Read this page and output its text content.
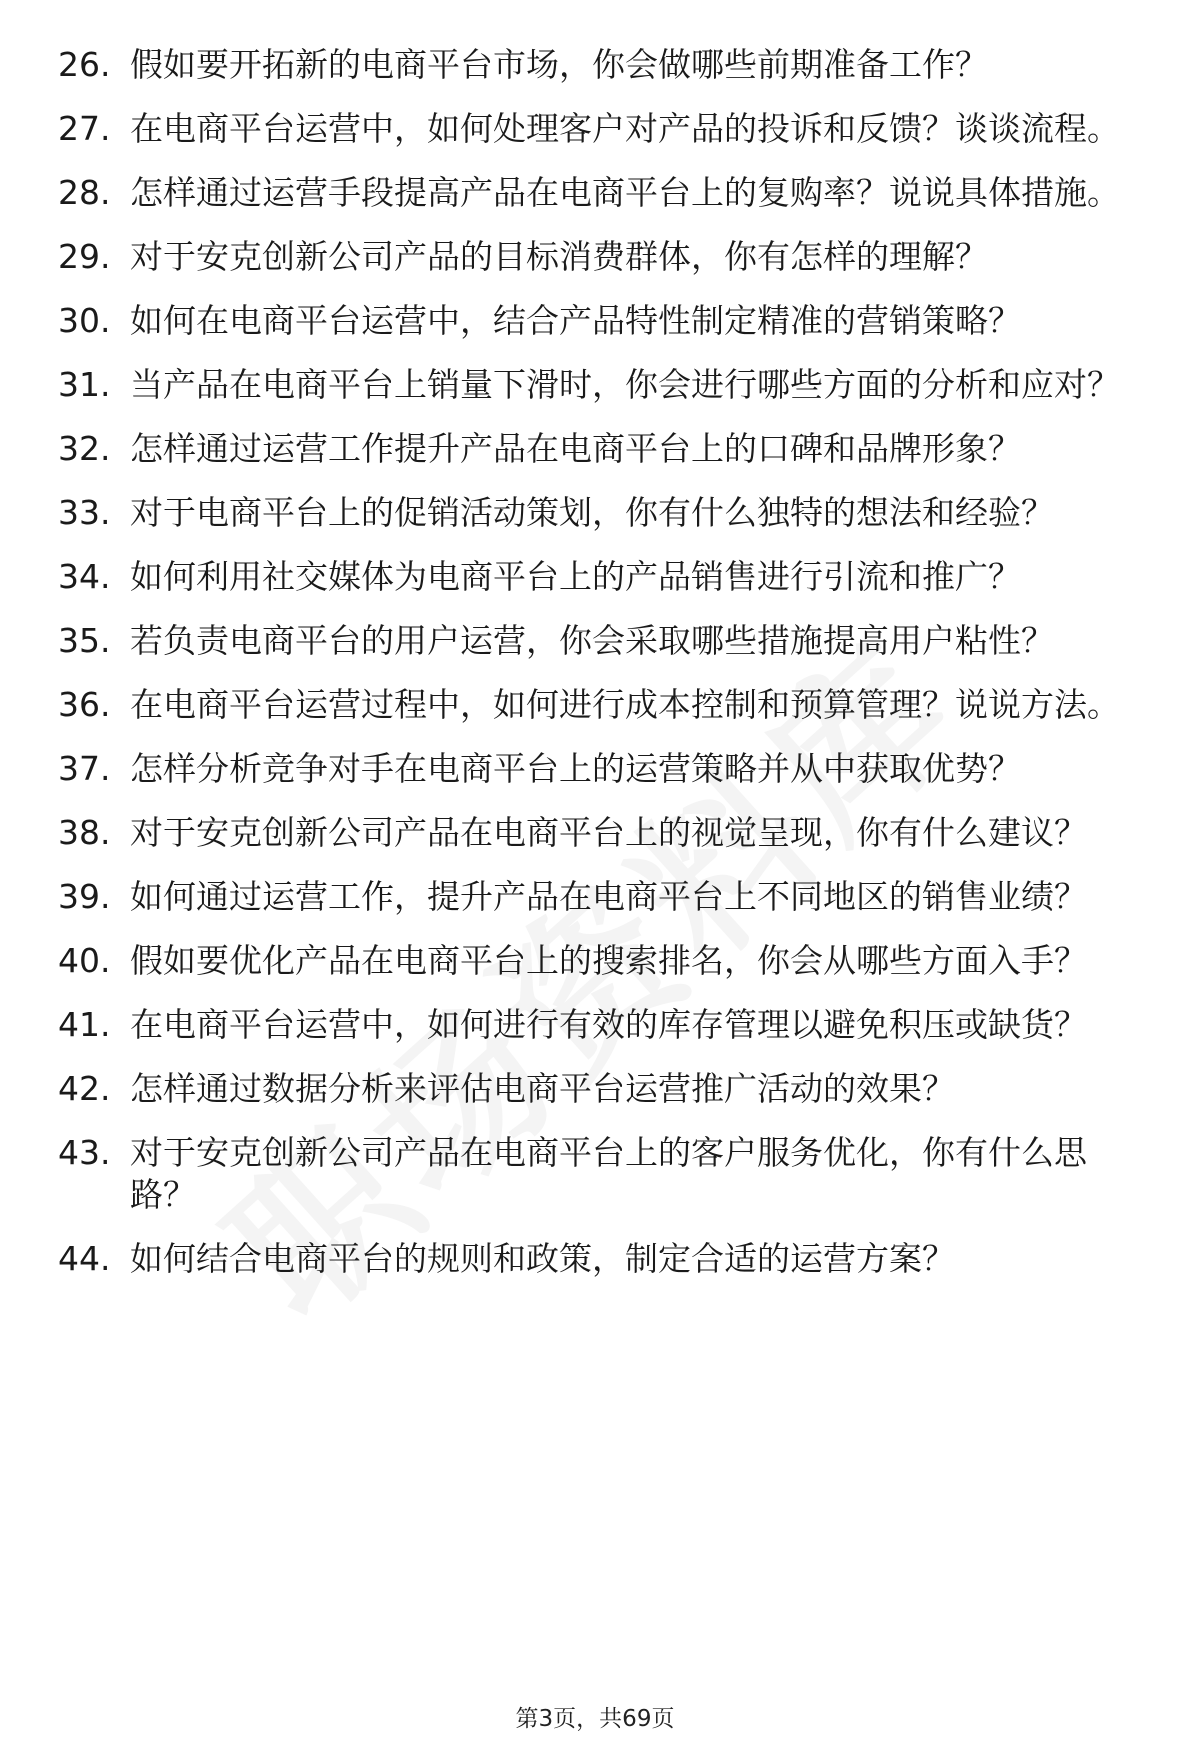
26. 假如要开拓新的电商平台市场，你会做哪些前期准备工作？
27. 在电商平台运营中，如何处理客户对产品的投诉和反馈？谈谈流程。
28. 怎样通过运营手段提高产品在电商平台上的复购率？说说具体措施。
29. 对于安克创新公司产品的目标消费群体，你有怎样的理解？
30. 如何在电商平台运营中，结合产品特性制定精准的营销策略？
31. 当产品在电商平台上销量下滑时，你会进行哪些方面的分析和应对？
32. 怎样通过运营工作提升产品在电商平台上的口碑和品牌形象？
33. 对于电商平台上的促销活动策划，你有什么独特的想法和经验？
34. 如何利用社交媒体为电商平台上的产品销售进行引流和推广？
35. 若负责电商平台的用户运营，你会采取哪些措施提高用户粘性？
36. 在电商平台运营过程中，如何进行成本控制和预算管理？说说方法。
37. 怎样分析竞争对手在电商平台上的运营策略并从中获取优势？
38. 对于安克创新公司产品在电商平台上的视觉呈现，你有什么建议？
39. 如何通过运营工作，提升产品在电商平台上不同地区的销售业绩？
40. 假如要优化产品在电商平台上的搜索排名，你会从哪些方面入手？
41. 在电商平台运营中，如何进行有效的库存管理以避免积压或缺货？
42. 怎样通过数据分析来评估电商平台运营推广活动的效果？
43. 对于安克创新公司产品在电商平台上的客户服务优化，你有什么思路？
44. 如何结合电商平台的规则和政策，制定合适的运营方案？
第3页，共69页
